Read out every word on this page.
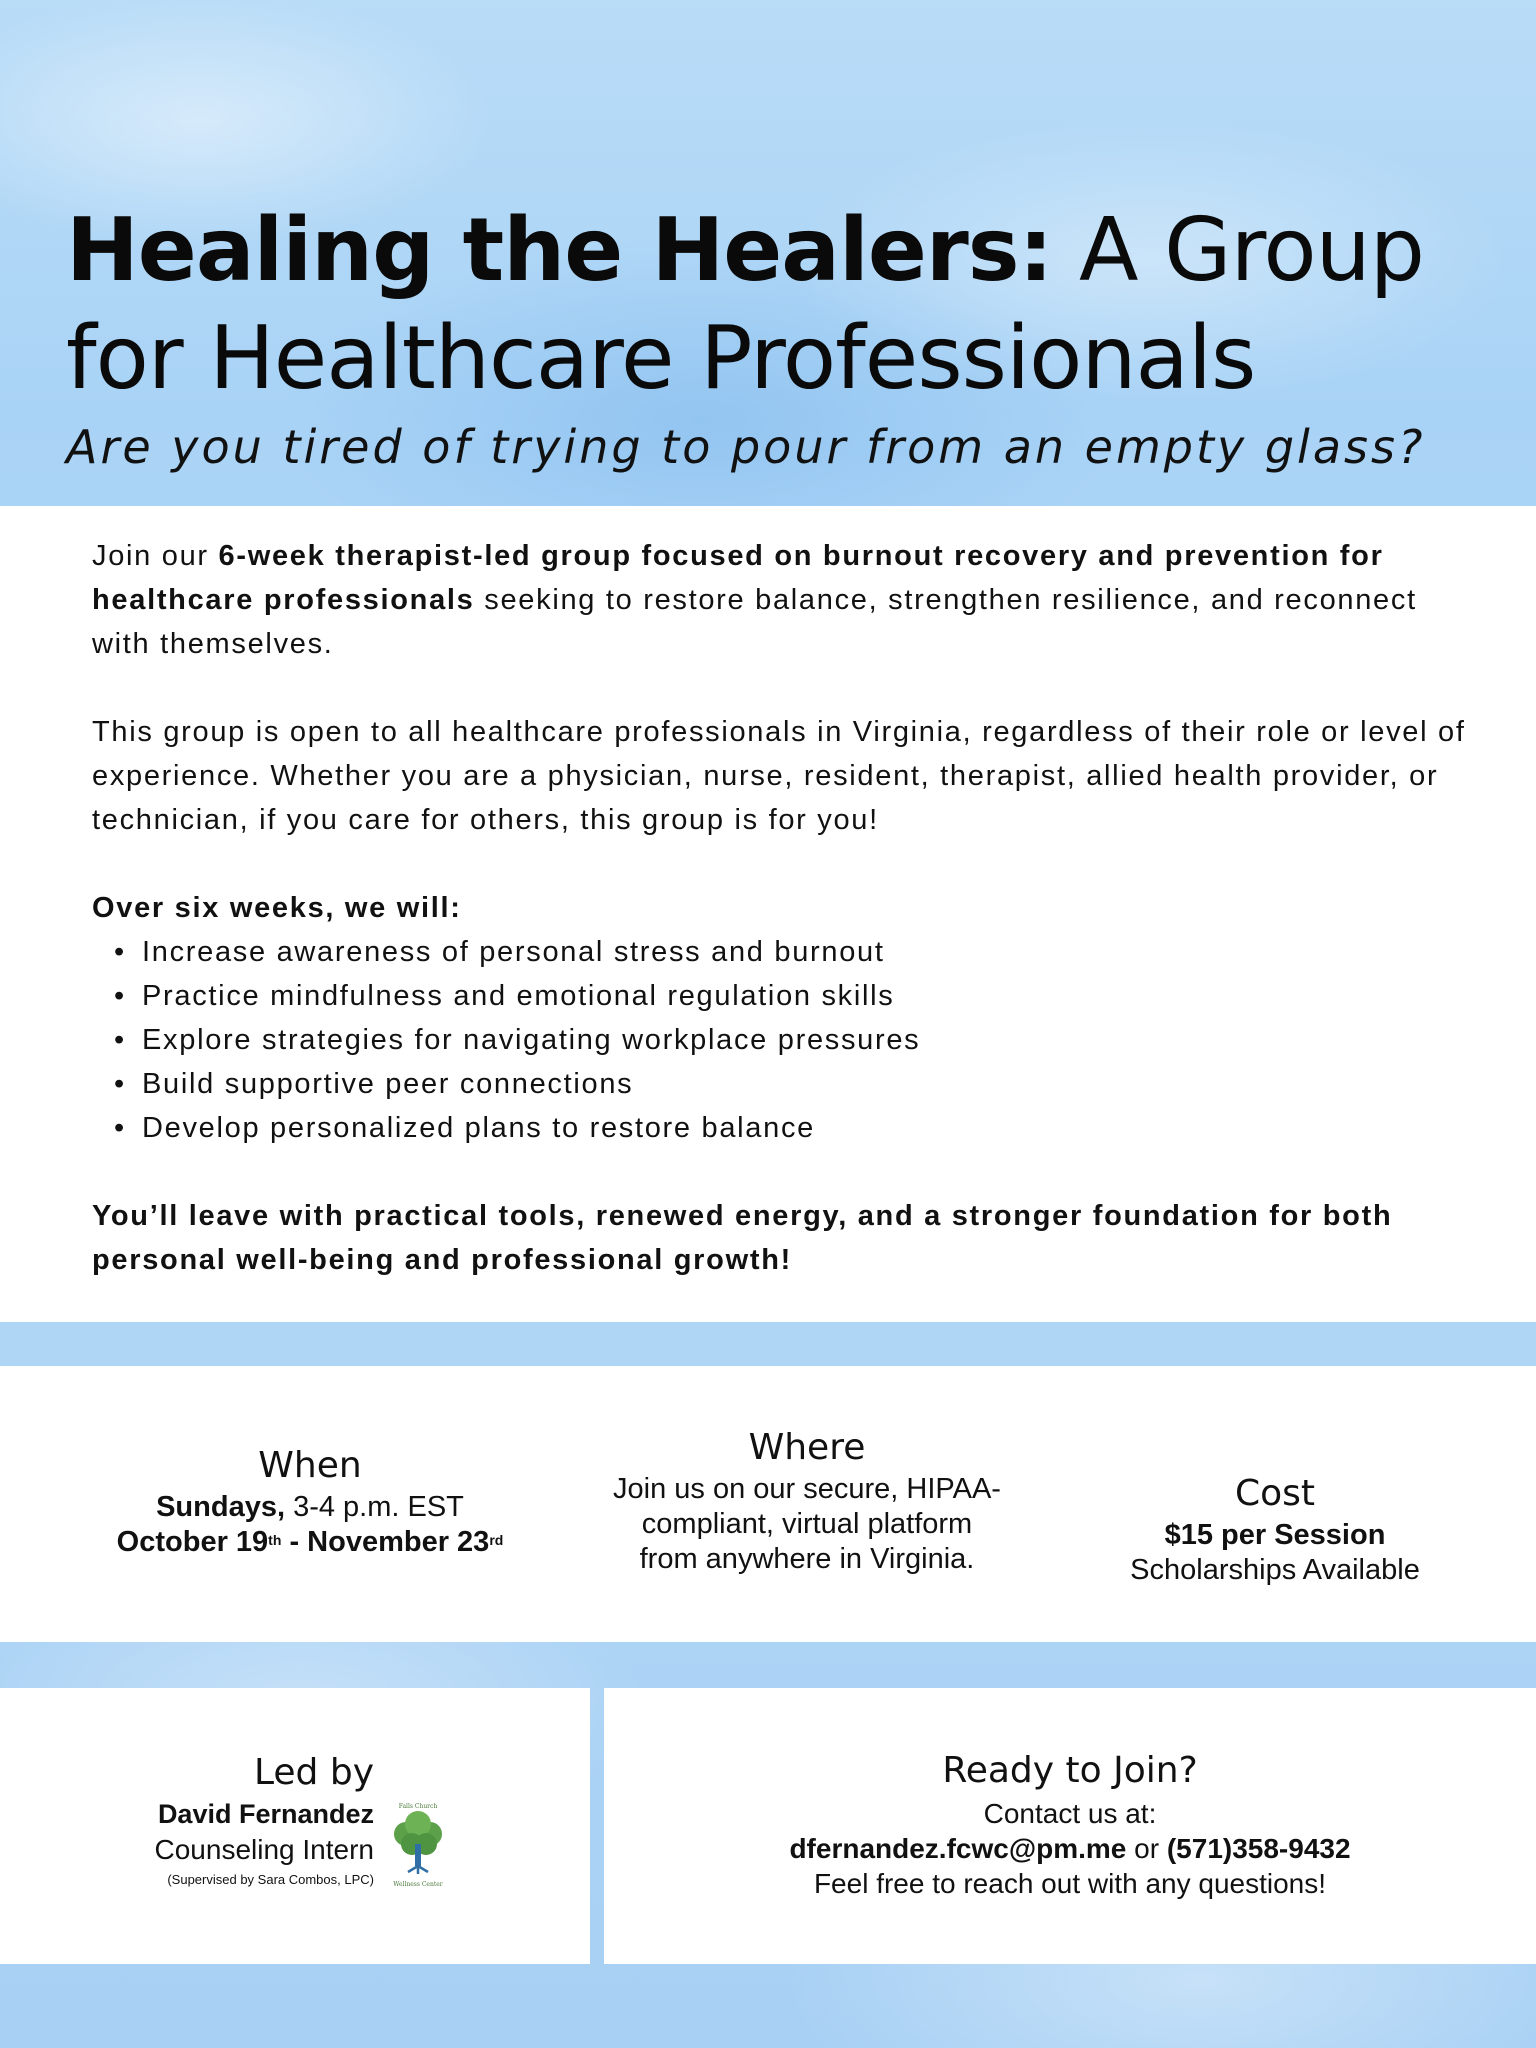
Healing the Healers: A Group for Healthcare Professionals

Are you tired of trying to pour from an empty glass?

Join our 6-week therapist-led group focused on burnout recovery and prevention for healthcare professionals seeking to restore balance, strengthen resilience, and reconnect with themselves.

This group is open to all healthcare professionals in Virginia, regardless of their role or level of experience. Whether you are a physician, nurse, resident, therapist, allied health provider, or technician, if you care for others, this group is for you!

Over six weeks, we will:

• Increase awareness of personal stress and burnout
• Practice mindfulness and emotional regulation skills
• Explore strategies for navigating workplace pressures
• Build supportive peer connections
• Develop personalized plans to restore balance

You’ll leave with practical tools, renewed energy, and a stronger foundation for both personal well-being and professional growth!

When
Sundays, 3-4 p.m. EST
October 19th - November 23rd
Where
Join us on our secure, HIPAA-
compliant, virtual platform
from anywhere in Virginia.
Cost
$15 per Session
Scholarships Available
Led by
David Fernandez
Counseling Intern
(Supervised by Sara Combos, LPC)
Falls Church
Wellness Center
Ready to Join?
Contact us at:
dfernandez.fcwc@pm.me or (571)358-9432
Feel free to reach out with any questions!
